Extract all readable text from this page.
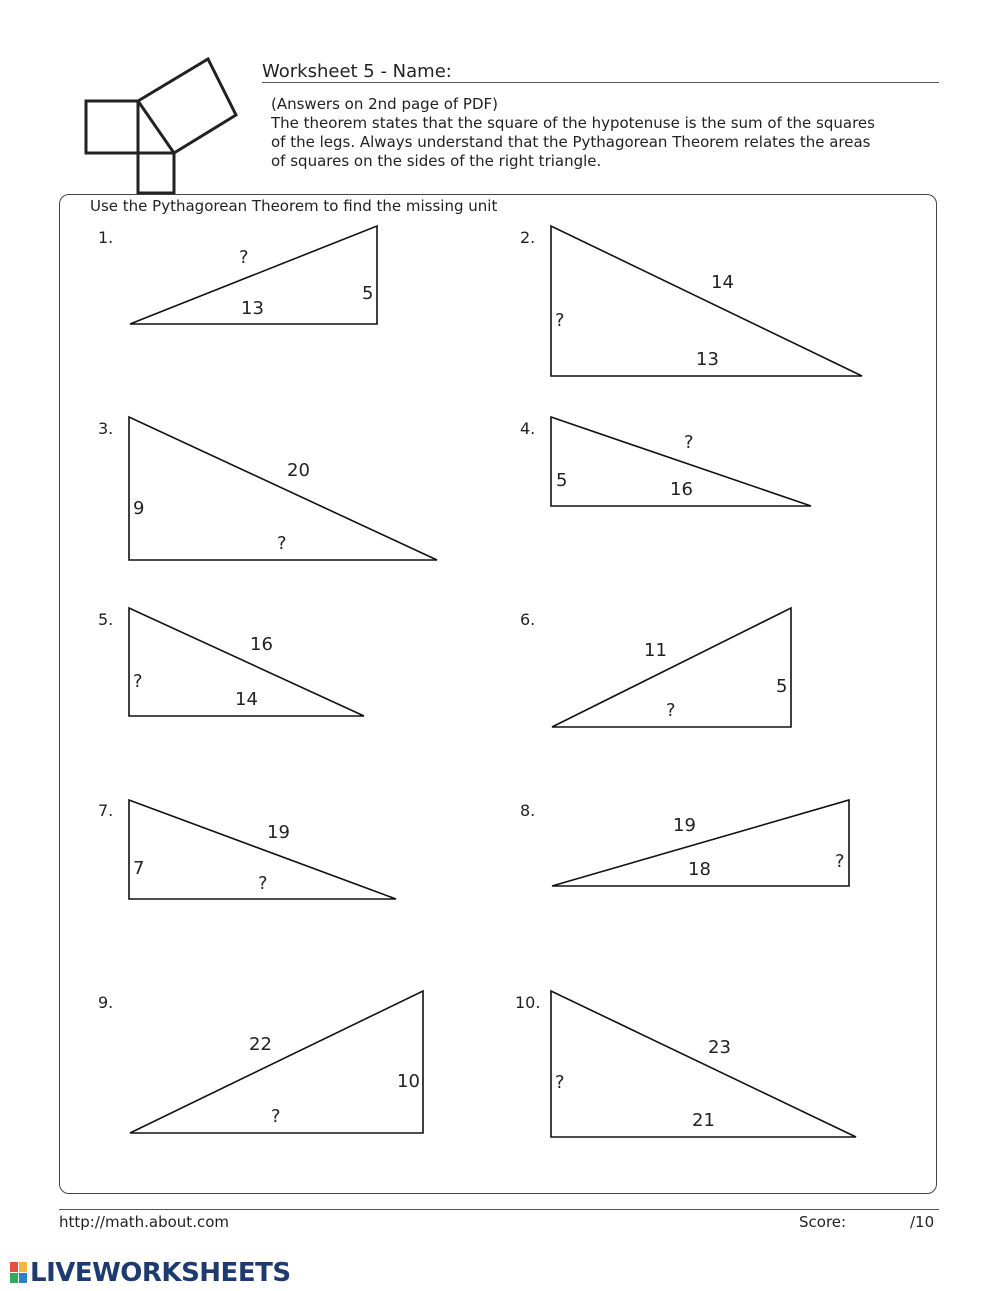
Worksheet 5 - Name:
(Answers on 2nd page of PDF)
The theorem states that the square of the hypotenuse is the sum of the squares
of the legs. Always understand that the Pythagorean Theorem relates the areas
of squares on the sides of the right triangle.
Use the Pythagorean Theorem to find the missing unit
1.	2.
3.	4.
5.	6.
7.	8.
9.	10.
?
5
13
14
?
13
20
9
?
?
5	16
16
?
14
11
5
?
19
7
?
19
18	?
22
10
?
23
?
21
http://math.about.com	Score:	/10
LIVEWORKSHEETS
